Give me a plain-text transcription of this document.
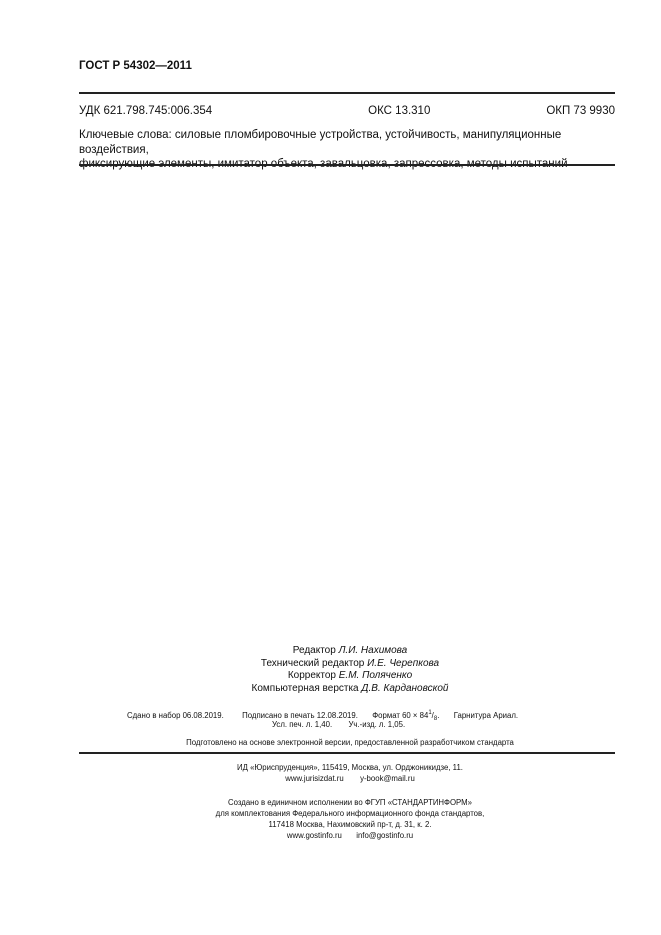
ГОСТ Р 54302—2011
УДК 621.798.745:006.354	ОКС 13.310	ОКП 73 9930
Ключевые слова: силовые пломбировочные устройства, устойчивость, манипуляционные воздействия,
Редактор Л.И. Нахимова
Технический редактор И.Е. Черепкова
Корректор Е.М. Поляченко
Компьютерная верстка Д.В. Кардановской
Сдано в набор 06.08.2019. Подписано в печать 12.08.2019. Формат 60 × 841/8. Гарнитура Ариал.
Усл. печ. л. 1,40. Уч.-изд. л. 1,05.
Подготовлено на основе электронной версии, предоставленной разработчиком стандарта
ИД «Юриспруденция», 115419, Москва, ул. Орджоникидзе, 11.
www.jurisizdat.ru y-book@mail.ru
Создано в единичном исполнении во ФГУП «СТАНДАРТИНФОРМ»
для комплектования Федерального информационного фонда стандартов,
117418 Москва, Нахимовский пр-т, д. 31, к. 2.
www.gostinfo.ru info@gostinfo.ru
